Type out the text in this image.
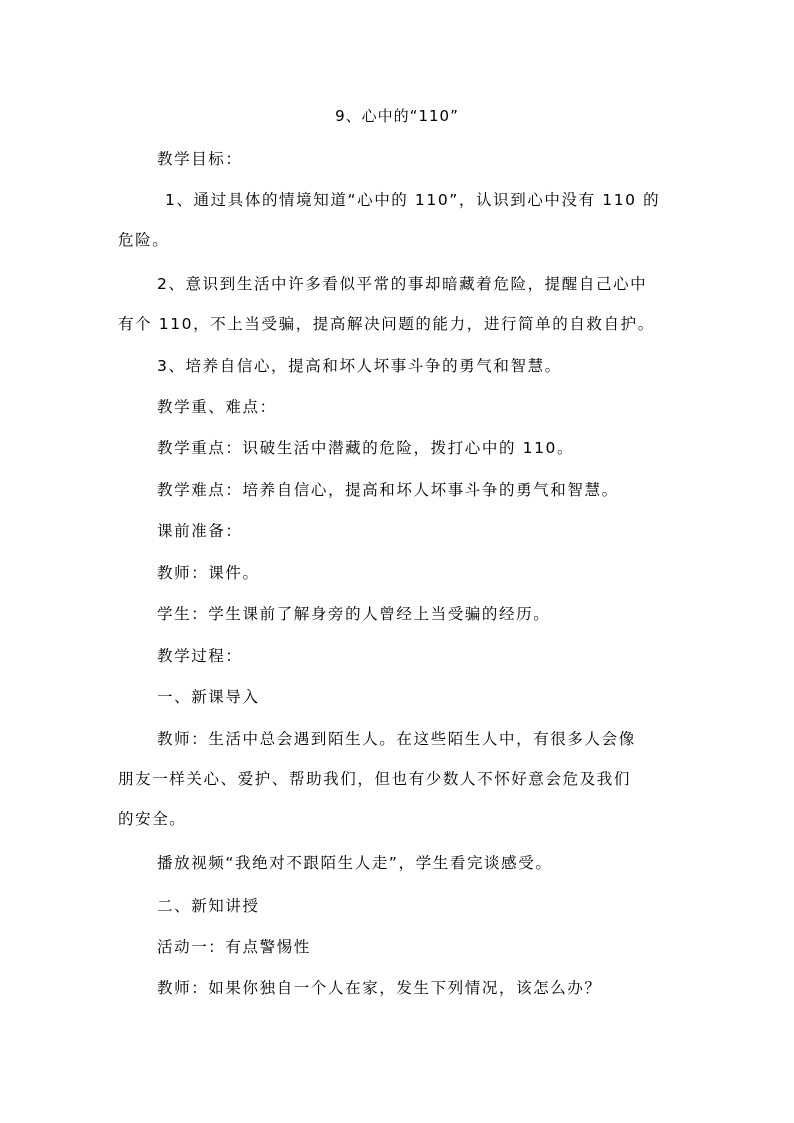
9、心中的“110”
教学目标：
1、通过具体的情境知道“心中的 110”，认识到心中没有 110 的
危险。
2、意识到生活中许多看似平常的事却暗藏着危险，提醒自己心中
有个 110，不上当受骗，提高解决问题的能力，进行简单的自救自护。
3、培养自信心，提高和坏人坏事斗争的勇气和智慧。
教学重、难点：
教学重点：识破生活中潜藏的危险，拨打心中的 110。
教学难点：培养自信心，提高和坏人坏事斗争的勇气和智慧。
课前准备：
教师：课件。
学生：学生课前了解身旁的人曾经上当受骗的经历。
教学过程：
一、新课导入
教师：生活中总会遇到陌生人。在这些陌生人中，有很多人会像
朋友一样关心、爱护、帮助我们，但也有少数人不怀好意会危及我们
的安全。
播放视频“我绝对不跟陌生人走”，学生看完谈感受。
二、新知讲授
活动一：有点警惕性
教师：如果你独自一个人在家，发生下列情况，该怎么办？
